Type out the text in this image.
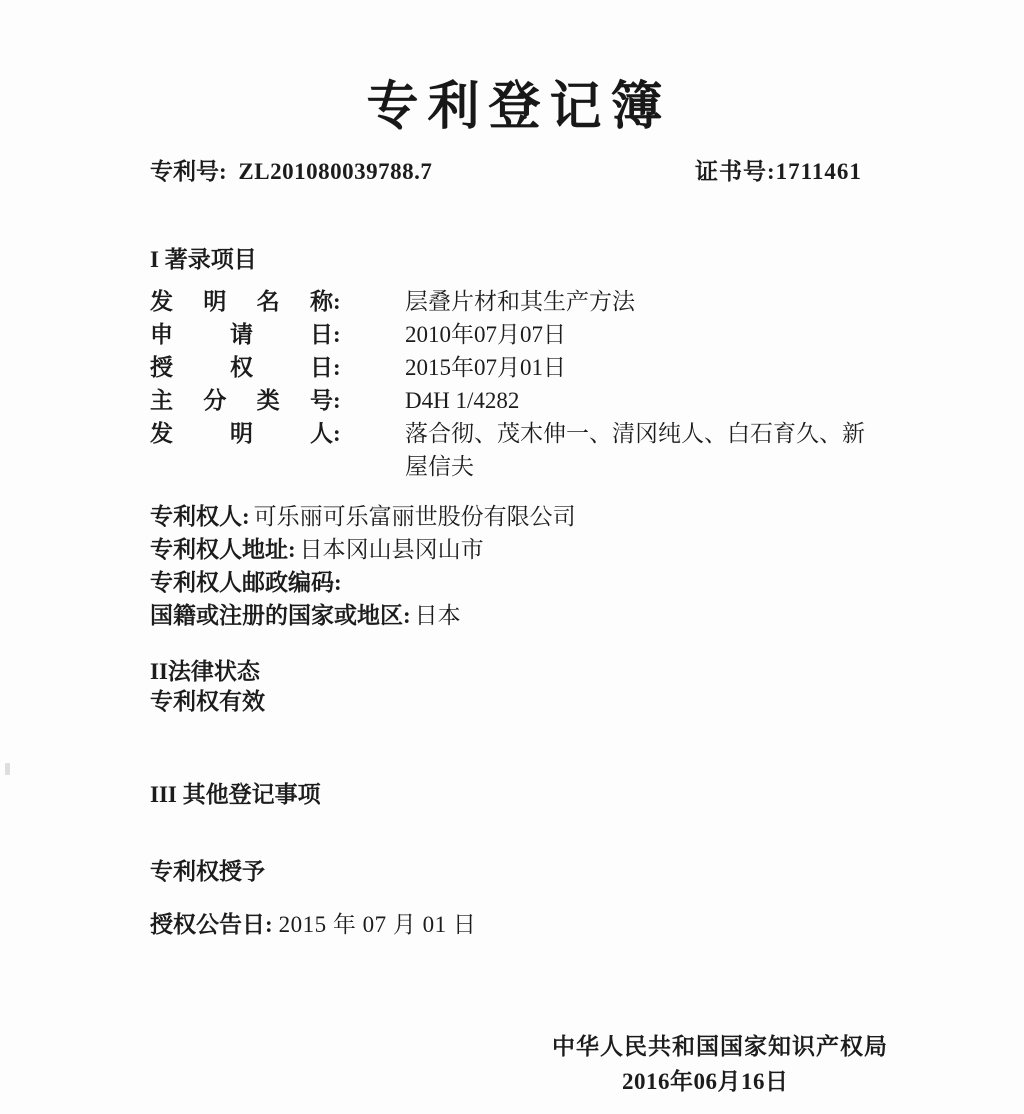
专利登记簿
专利号: ZL201080039788.7	证书号:1711461
I 著录项目
发明名称:	层叠片材和其生产方法
申请日:	2010年07月07日
授权日:	2015年07月01日
主分类号:	D4H 1/4282
发明人:	落合彻、茂木伸一、清冈纯人、白石育久、新屋信夫
专利权人: 可乐丽可乐富丽世股份有限公司
专利权人地址: 日本冈山县冈山市
专利权人邮政编码:
国籍或注册的国家或地区: 日本
II法律状态
专利权有效
III 其他登记事项
专利权授予
授权公告日: 2015 年 07 月 01 日
中华人民共和国国家知识产权局
2016年06月16日
